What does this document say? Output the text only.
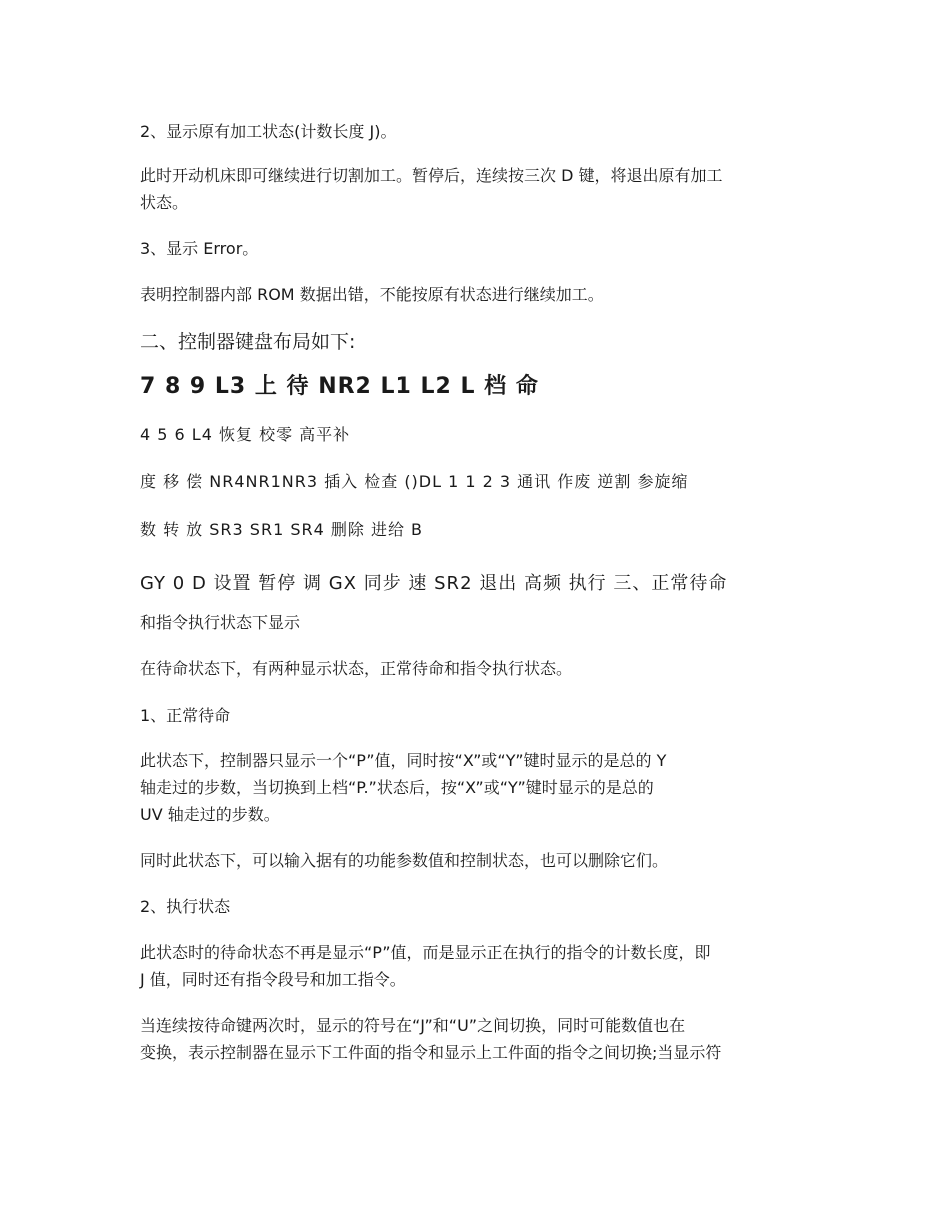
2、显示原有加工状态(计数长度 J)。

此时开动机床即可继续进行切割加工。暂停后，连续按三次 D 键，将退出原有加工

状态。

3、显示 Error。

表明控制器内部 ROM 数据出错，不能按原有状态进行继续加工。

二、控制器键盘布局如下:

7 8 9 L3 上 待 NR2 L1 L2 L 档 命

4 5 6 L4 恢复 校零 高平补

度 移 偿 NR4NR1NR3 插入 检查 ()DL 1 1 2 3 通讯 作废 逆割 参旋缩

数 转 放 SR3 SR1 SR4 删除 进给 B

GY 0 D 设置 暂停 调 GX 同步 速 SR2 退出 高频 执行 三、正常待命

和指令执行状态下显示

在待命状态下，有两种显示状态，正常待命和指令执行状态。

1、正常待命

此状态下，控制器只显示一个“P”值，同时按“X”或“Y”键时显示的是总的 Y

轴走过的步数，当切换到上档“P.”状态后，按“X”或“Y”键时显示的是总的

UV 轴走过的步数。

同时此状态下，可以输入据有的功能参数值和控制状态，也可以删除它们。

2、执行状态

此状态时的待命状态不再是显示“P”值，而是显示正在执行的指令的计数长度，即

J 值，同时还有指令段号和加工指令。

当连续按待命键两次时，显示的符号在“J”和“U”之间切换，同时可能数值也在

变换，表示控制器在显示下工件面的指令和显示上工件面的指令之间切换;当显示符
